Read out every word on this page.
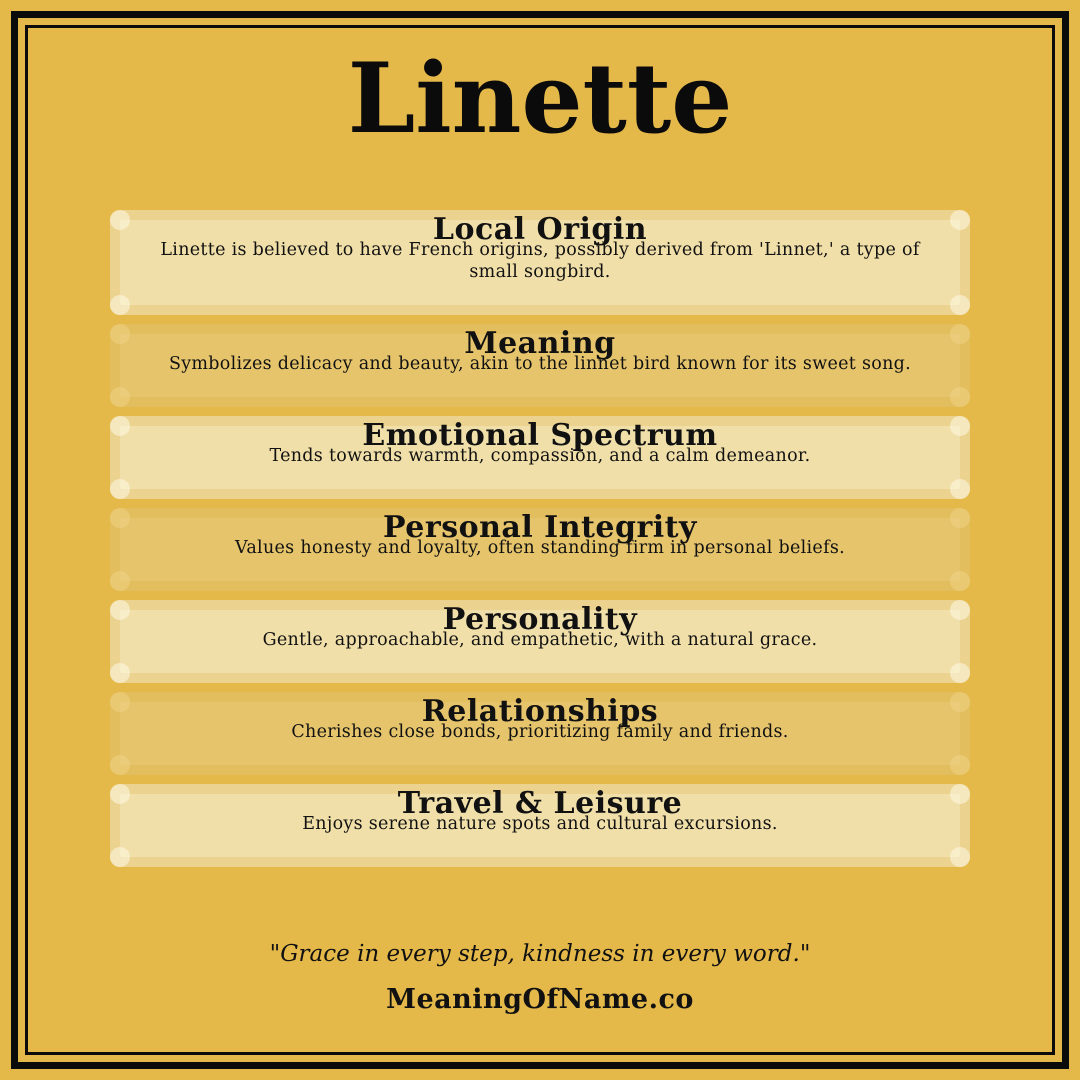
Linette
Local Origin
Linette is believed to have French origins, possibly derived from 'Linnet,' a type of small songbird.
Meaning
Symbolizes delicacy and beauty, akin to the linnet bird known for its sweet song.
Emotional Spectrum
Tends towards warmth, compassion, and a calm demeanor.
Personal Integrity
Values honesty and loyalty, often standing firm in personal beliefs.
Personality
Gentle, approachable, and empathetic, with a natural grace.
Relationships
Cherishes close bonds, prioritizing family and friends.
Travel & Leisure
Enjoys serene nature spots and cultural excursions.
"Grace in every step, kindness in every word."
MeaningOfName.co
